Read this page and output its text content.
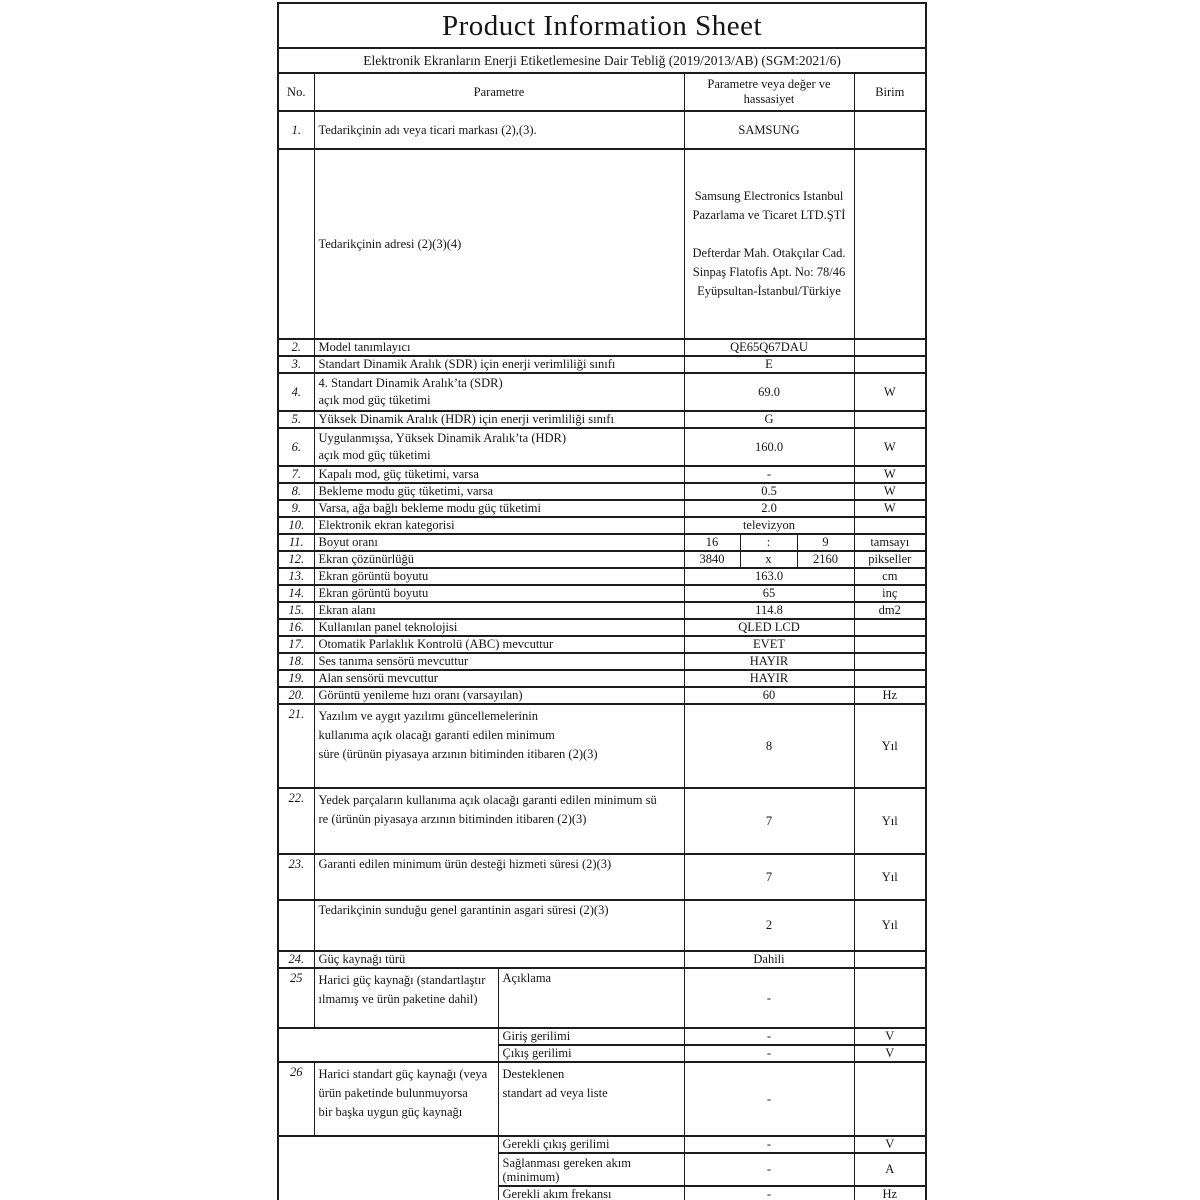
Product Information Sheet						
Elektronik Ekranların Enerji Etiketlemesine Dair Tebliğ (2019/2013/AB) (SGM:2021/6)						
No.	Parametre		Parametre veya değer ve hassasiyet			Birim
1.	Tedarikçinin adı veya ticari markası (2),(3).		SAMSUNG			
	Tedarikçinin adresi (2)(3)(4)		Samsung Electronics Istanbul
Pazarlama ve Ticaret LTD.ŞTİ

Defterdar Mah. Otakçılar Cad.
Sinpaş Flatofis Apt. No: 78/46
Eyüpsultan-İstanbul/Türkiye			

2.	Model tanımlayıcı		QE65Q67DAU			
3.	Standart Dinamik Aralık (SDR) için enerji verimliliği sınıfı		E			
4.	4. Standart Dinamik Aralık’ta (SDR)
açık mod güç tüketimi		69.0			W
5.	Yüksek Dinamik Aralık (HDR) için enerji verimliliği sınıfı		G			
6.	Uygulanmışsa, Yüksek Dinamik Aralık’ta (HDR)
açık mod güç tüketimi		160.0			W
7.	Kapalı mod, güç tüketimi, varsa		-			W
8.	Bekleme modu güç tüketimi, varsa		0.5			W
9.	Varsa, ağa bağlı bekleme modu güç tüketimi		2.0			W
10.	Elektronik ekran kategorisi		televizyon			
11.	Boyut oranı		16	:	9	tamsayı
12.	Ekran çözünürlüğü		3840	x	2160	pikseller
13.	Ekran görüntü boyutu		163.0			cm
14.	Ekran görüntü boyutu		65			inç
15.	Ekran alanı		114.8			dm2
16.	Kullanılan panel teknolojisi		QLED LCD			
17.	Otomatik Parlaklık Kontrolü (ABC) mevcuttur		EVET			
18.	Ses tanıma sensörü mevcuttur		HAYIR			
19.	Alan sensörü mevcuttur		HAYIR			
20.	Görüntü yenileme hızı oranı (varsayılan)		60			Hz
21.	Yazılım ve aygıt yazılımı güncellemelerinin
kullanıma açık olacağı garanti edilen minimum
süre (ürünün piyasaya arzının bitiminden itibaren (2)(3)		8			Yıl
22.	Yedek parçaların kullanıma açık olacağı garanti edilen minimum sü
re (ürünün piyasaya arzının bitiminden itibaren (2)(3)		7			Yıl
23.	Garanti edilen minimum ürün desteği hizmeti süresi (2)(3)		7			Yıl
	Tedarikçinin sunduğu genel garantinin asgari süresi (2)(3)		2			Yıl
24.	Güç kaynağı türü		Dahili			
25	Harici güç kaynağı (standartlaştır
ılmamış ve ürün paketine dahil)	Açıklama	-			
		Giriş gerilimi	-			V
		Çıkış gerilimi	-			V
26	Harici standart güç kaynağı (veya
ürün paketinde bulunmuyorsa
bir başka uygun güç kaynağı

Desteklenen
standart ad veya liste	-	
		Gerekli çıkış gerilimi	-			V

		Sağlanması gereken akım
(minimum)	-			A
		Gerekli akım frekansı	-			Hz
